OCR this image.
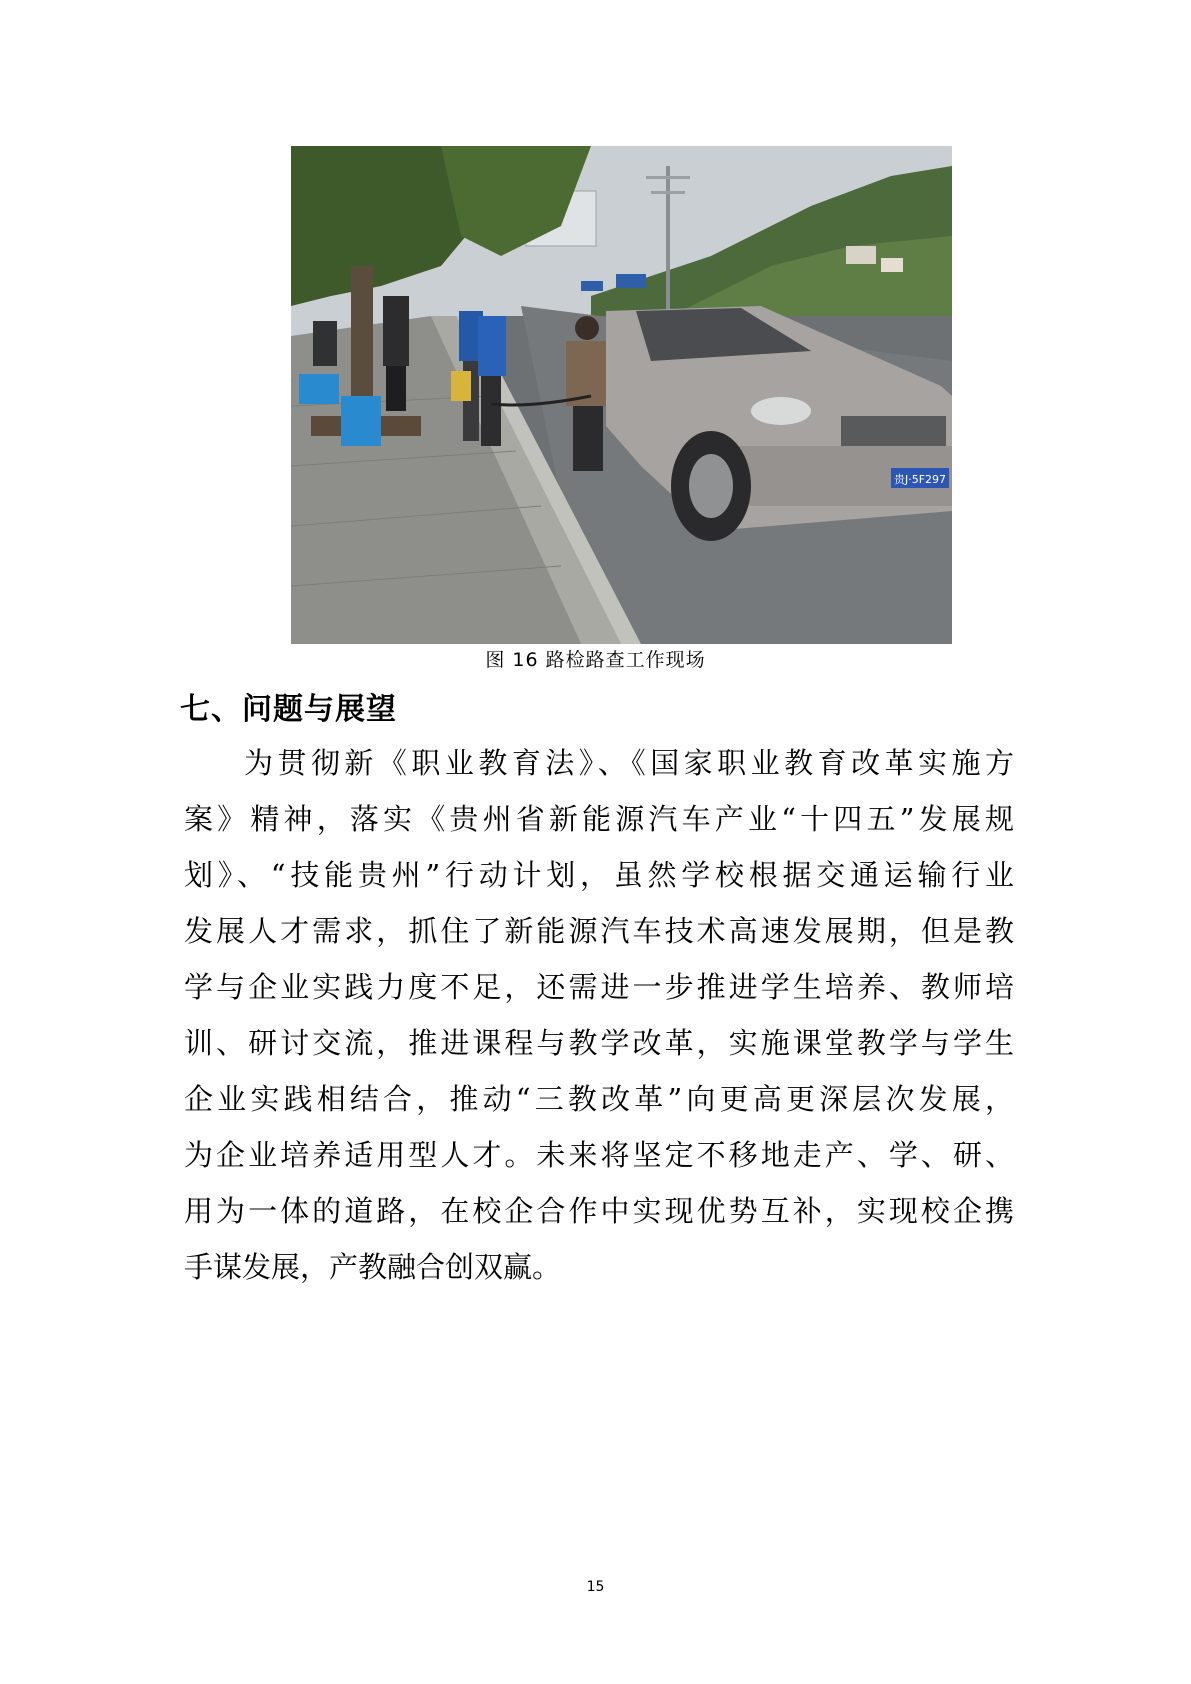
贵J·5F297
图 16 路检路查工作现场
七、问题与展望
为贯彻新《职业教育法》、《国家职业教育改革实施方
案》精神，落实《贵州省新能源汽车产业“十四五”发展规
划》、“技能贵州”行动计划，虽然学校根据交通运输行业
发展人才需求，抓住了新能源汽车技术高速发展期，但是教
学与企业实践力度不足，还需进一步推进学生培养、教师培
训、研讨交流，推进课程与教学改革，实施课堂教学与学生
企业实践相结合，推动“三教改革”向更高更深层次发展，
为企业培养适用型人才。未来将坚定不移地走产、学、研、
用为一体的道路，在校企合作中实现优势互补，实现校企携
手谋发展，产教融合创双赢。
15
